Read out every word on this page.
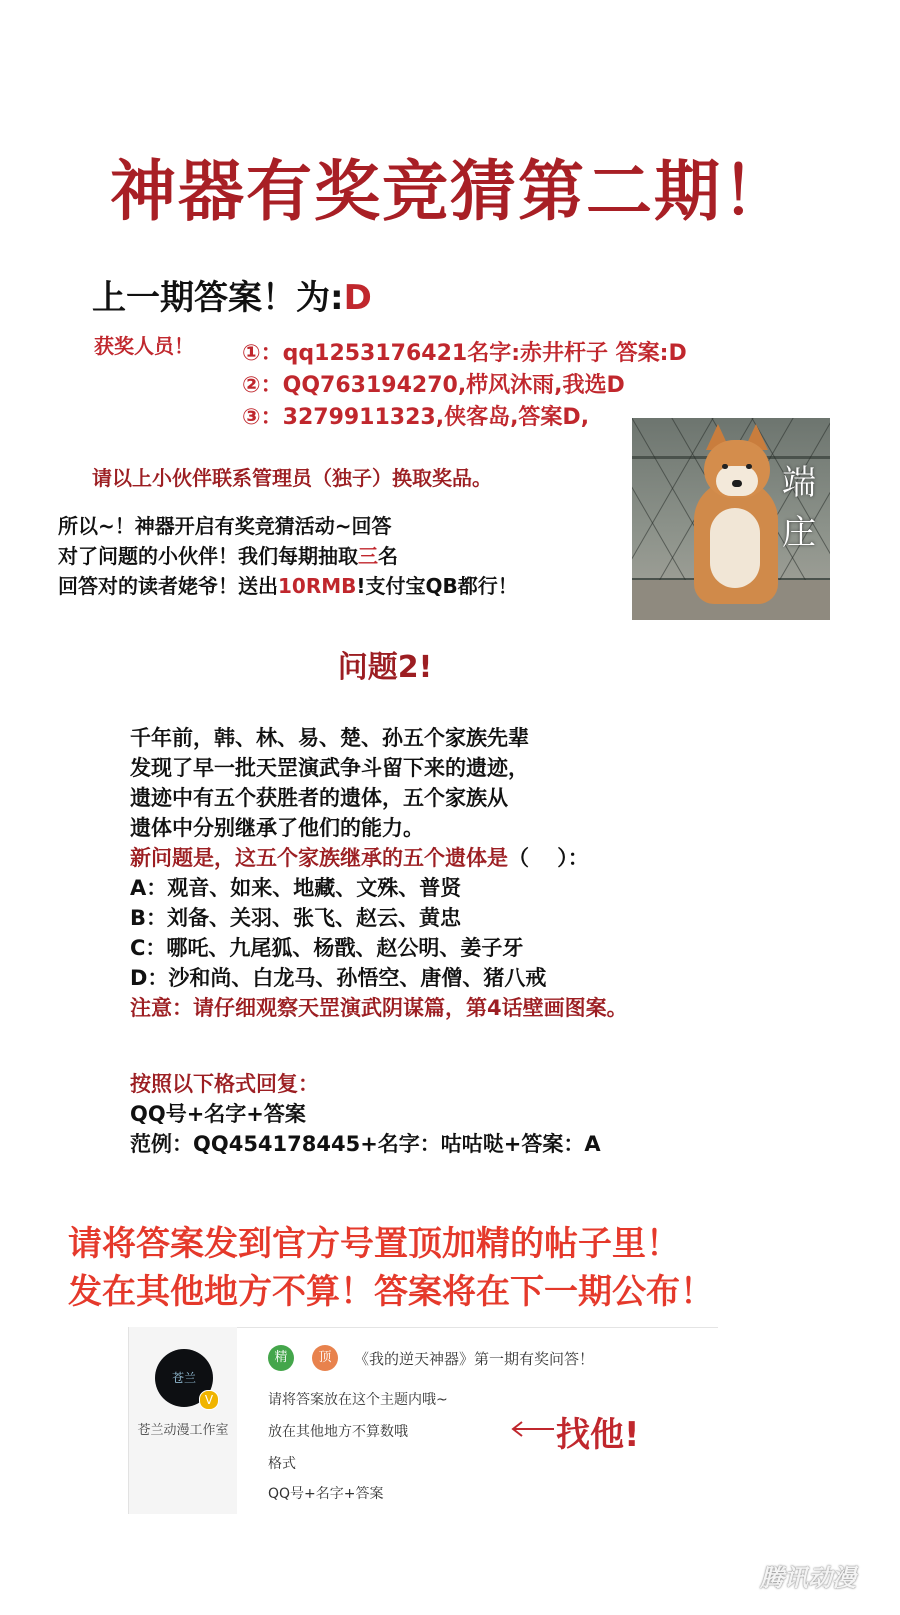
神器有奖竞猜第二期！
上一期答案！为:D
获奖人员！ ①：qq1253176421名字:赤井杆子 答案:D
②：QQ763194270,栉风沐雨,我选D
③：3279911323,侠客岛,答案D,
请以上小伙伴联系管理员（独子）换取奖品。
所以~！神器开启有奖竞猜活动~回答
对了问题的小伙伴！我们每期抽取三名
回答对的读者姥爷！送出10RMB!支付宝QB都行！
端庄
问题2!
千年前，韩、林、易、楚、孙五个家族先辈
发现了早一批天罡演武争斗留下来的遗迹，
遗迹中有五个获胜者的遗体，五个家族从
遗体中分别继承了他们的能力。
新问题是，这五个家族继承的五个遗体是（　 ）：
A：观音、如来、地藏、文殊、普贤
B：刘备、关羽、张飞、赵云、黄忠
C：哪吒、九尾狐、杨戬、赵公明、姜子牙
D：沙和尚、白龙马、孙悟空、唐僧、猪八戒
注意：请仔细观察天罡演武阴谋篇，第4话壁画图案。
按照以下格式回复：
QQ号+名字+答案
范例：QQ454178445+名字：咕咕哒+答案：A
请将答案发到官方号置顶加精的帖子里！
发在其他地方不算！答案将在下一期公布！
苍兰
V
苍兰动漫工作室
精	顶	《我的逆天神器》第一期有奖问答！
请将答案放在这个主题内哦~
放在其他地方不算数哦
格式
QQ号+名字+答案
找他!
腾讯动漫
